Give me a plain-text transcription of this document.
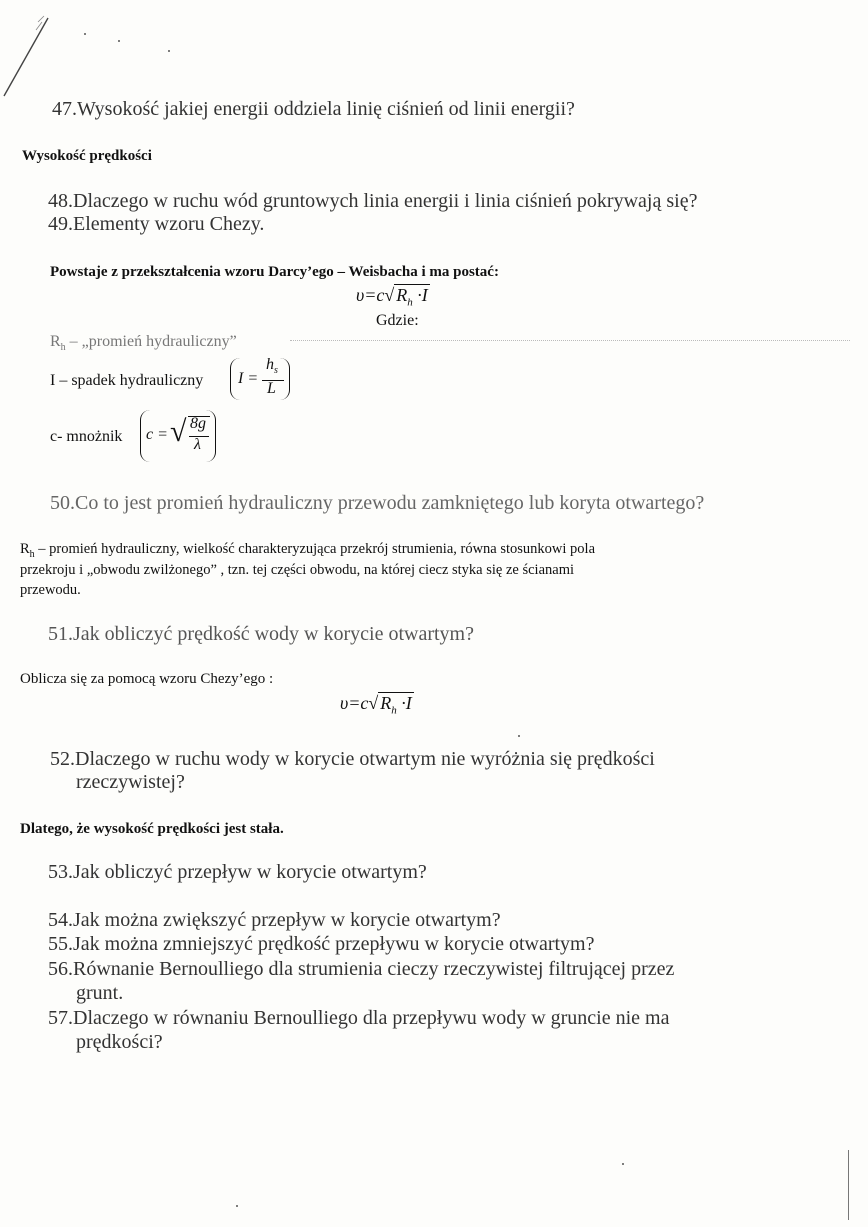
47.Wysokość jakiej energii oddziela linię ciśnień od linii energii?
Wysokość prędkości
48.Dlaczego w ruchu wód gruntowych linia energii i linia ciśnień pokrywają się?
49.Elementy wzoru Chezy.
Powstaje z przekształcenia wzoru Darcy’ego – Weisbacha i ma postać:
υ=c√ $R_h \cdot I$
Gdzie:
$R_h$ – „promień hydrauliczny”
I – spadek hydrauliczny I =
$h_s$
L
c- mnożnik c = √ 8g
λ
50.Co to jest promień hydrauliczny przewodu zamkniętego lub koryta otwartego?
$R_h$ – promień hydrauliczny, wielkość charakteryzująca przekrój strumienia, równa stosunkowi pola
przekroju i „obwodu zwilżonego” , tzn. tej części obwodu, na której ciecz styka się ze ścianami
przewodu.
51.Jak obliczyć prędkość wody w korycie otwartym?
Oblicza się za pomocą wzoru Chezy’ego :
υ=c√ $R_h \cdot I$
52.Dlaczego w ruchu wody w korycie otwartym nie wyróżnia się prędkości
rzeczywistej?
Dlatego, że wysokość prędkości jest stała.
53.Jak obliczyć przepływ w korycie otwartym?
54.Jak można zwiększyć przepływ w korycie otwartym?
55.Jak można zmniejszyć prędkość przepływu w korycie otwartym?
56.Równanie Bernoulliego dla strumienia cieczy rzeczywistej filtrującej przez
grunt.
57.Dlaczego w równaniu Bernoulliego dla przepływu wody w gruncie nie ma
prędkości?
